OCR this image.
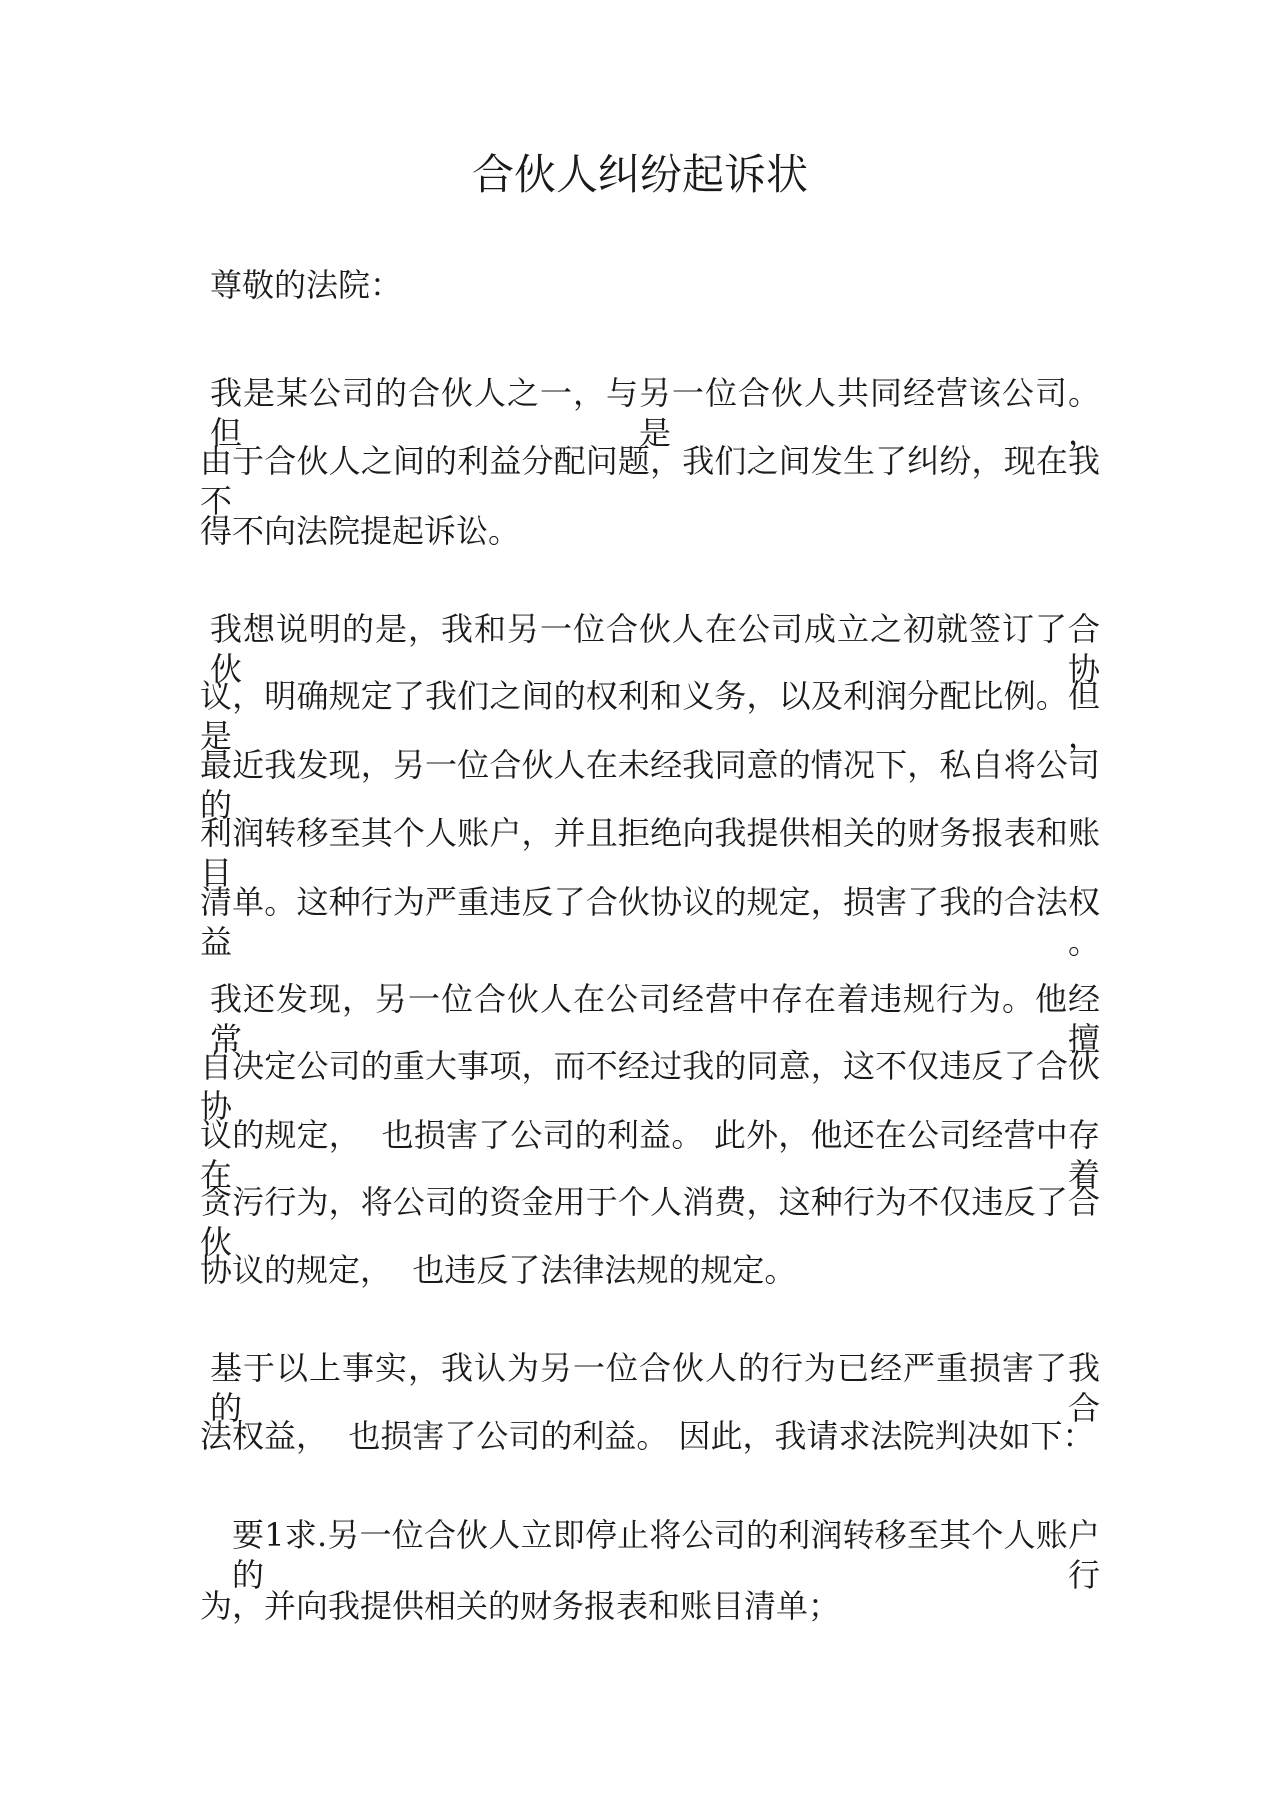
合伙人纠纷起诉状
尊敬的法院：
我是某公司的合伙人之一，与另一位合伙人共同经营该公司。但是，
由于合伙人之间的利益分配问题，我们之间发生了纠纷，现在我不
得不向法院提起诉讼。
我想说明的是，我和另一位合伙人在公司成立之初就签订了合伙协
议，明确规定了我们之间的权利和义务，以及利润分配比例。但是，
最近我发现，另一位合伙人在未经我同意的情况下，私自将公司的
利润转移至其个人账户，并且拒绝向我提供相关的财务报表和账目
清单。这种行为严重违反了合伙协议的规定，损害了我的合法权益。
我还发现，另一位合伙人在公司经营中存在着违规行为。他经常擅
自决定公司的重大事项，而不经过我的同意，这不仅违反了合伙协
议的规定，  也损害了公司的利益。 此外，他还在公司经营中存在着
贪污行为，将公司的资金用于个人消费，这种行为不仅违反了合伙
协议的规定，  也违反了法律法规的规定。
基于以上事实，我认为另一位合伙人的行为已经严重损害了我的合
法权益，  也损害了公司的利益。 因此，我请求法院判决如下：
要1求.另一位合伙人立即停止将公司的利润转移至其个人账户的行
为，并向我提供相关的财务报表和账目清单；
